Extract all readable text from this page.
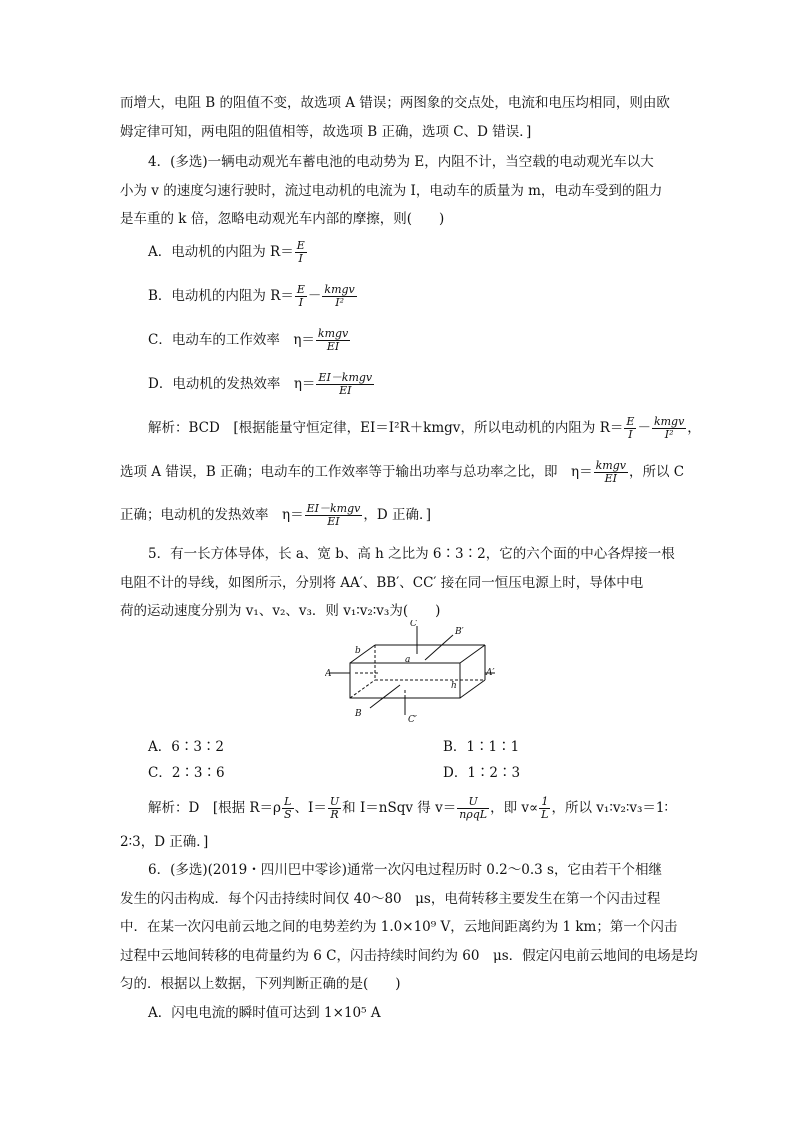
而增大，电阻 B 的阻值不变，故选项 A 错误；两图象的交点处，电流和电压均相同，则由欧
姆定律可知，两电阻的阻值相等，故选项 B 正确，选项 C、D 错误．]
4．(多选)一辆电动观光车蓄电池的电动势为 E，内阻不计，当空载的电动观光车以大
小为 v 的速度匀速行驶时，流过电动机的电流为 I，电动车的质量为 m，电动车受到的阻力
是车重的 k 倍，忽略电动观光车内部的摩擦，则(　　)
A．电动机的内阻为 $R= \frac{E}{I}$
B．电动机的内阻为 $R= \frac{E}{I} - \frac{\text{kmgv}}{\text{I²}}$
C．电动车的工作效率　$\eta= \frac{\text{kmgv}}{EI}$
D．电动机的发热效率　$\eta= \frac{\text{EI－kmgv}}{EI}$
解析：BCD　[根据能量守恒定律，EI＝I²R＋kmgv，所以电动机的内阻为 $R= \frac{E}{I} - \frac{\text{kmgv}}{\text{I²}}$ ，
选项 A 错误，B 正确；电动车的工作效率等于输出功率与总功率之比，即　$\eta= \frac{\text{kmgv}}{EI}$ ，所以 C
正确；电动机的发热效率　$\eta= \frac{\text{EI－kmgv}}{EI}$ ，D 正确．]
5．有一长方体导体，长 a、宽 b、高 h 之比为 6∶3∶2，它的六个面的中心各焊接一根
电阻不计的导线，如图所示，分别将 AA′、BB′、CC′ 接在同一恒压电源上时，导体中电
荷的运动速度分别为 v₁、v₂、v₃．则 v₁∶v₂∶v₃为(　　)
C
B′
b
a
A	A′
h
B
C′
A．6∶3∶2	B．1∶1∶1
C．2∶3∶6	D．1∶2∶3
解析：D　[根据 $R=\rho \frac{L}{S}$ 、$I= \frac{U}{R}$ 和 I＝nSqv 得 $v= \frac{U}{\text{nρqL}}$ ，即 $v\propto \frac{1}{L}$ ，所以 v₁∶v₂∶v₃＝1∶
2∶3，D 正确．]
6．(多选)(2019・四川巴中零诊)通常一次闪电过程历时 0.2～0.3 s，它由若干个相继
发生的闪击构成．每个闪击持续时间仅 40～80　μs，电荷转移主要发生在第一个闪击过程
中．在某一次闪电前云地之间的电势差约为 1.0×10⁹ V，云地间距离约为 1 km；第一个闪击
过程中云地间转移的电荷量约为 6 C，闪击持续时间约为 60　μs．假定闪电前云地间的电场是均
匀的．根据以上数据，下列判断正确的是(　　)
A．闪电电流的瞬时值可达到 1×10⁵ A
